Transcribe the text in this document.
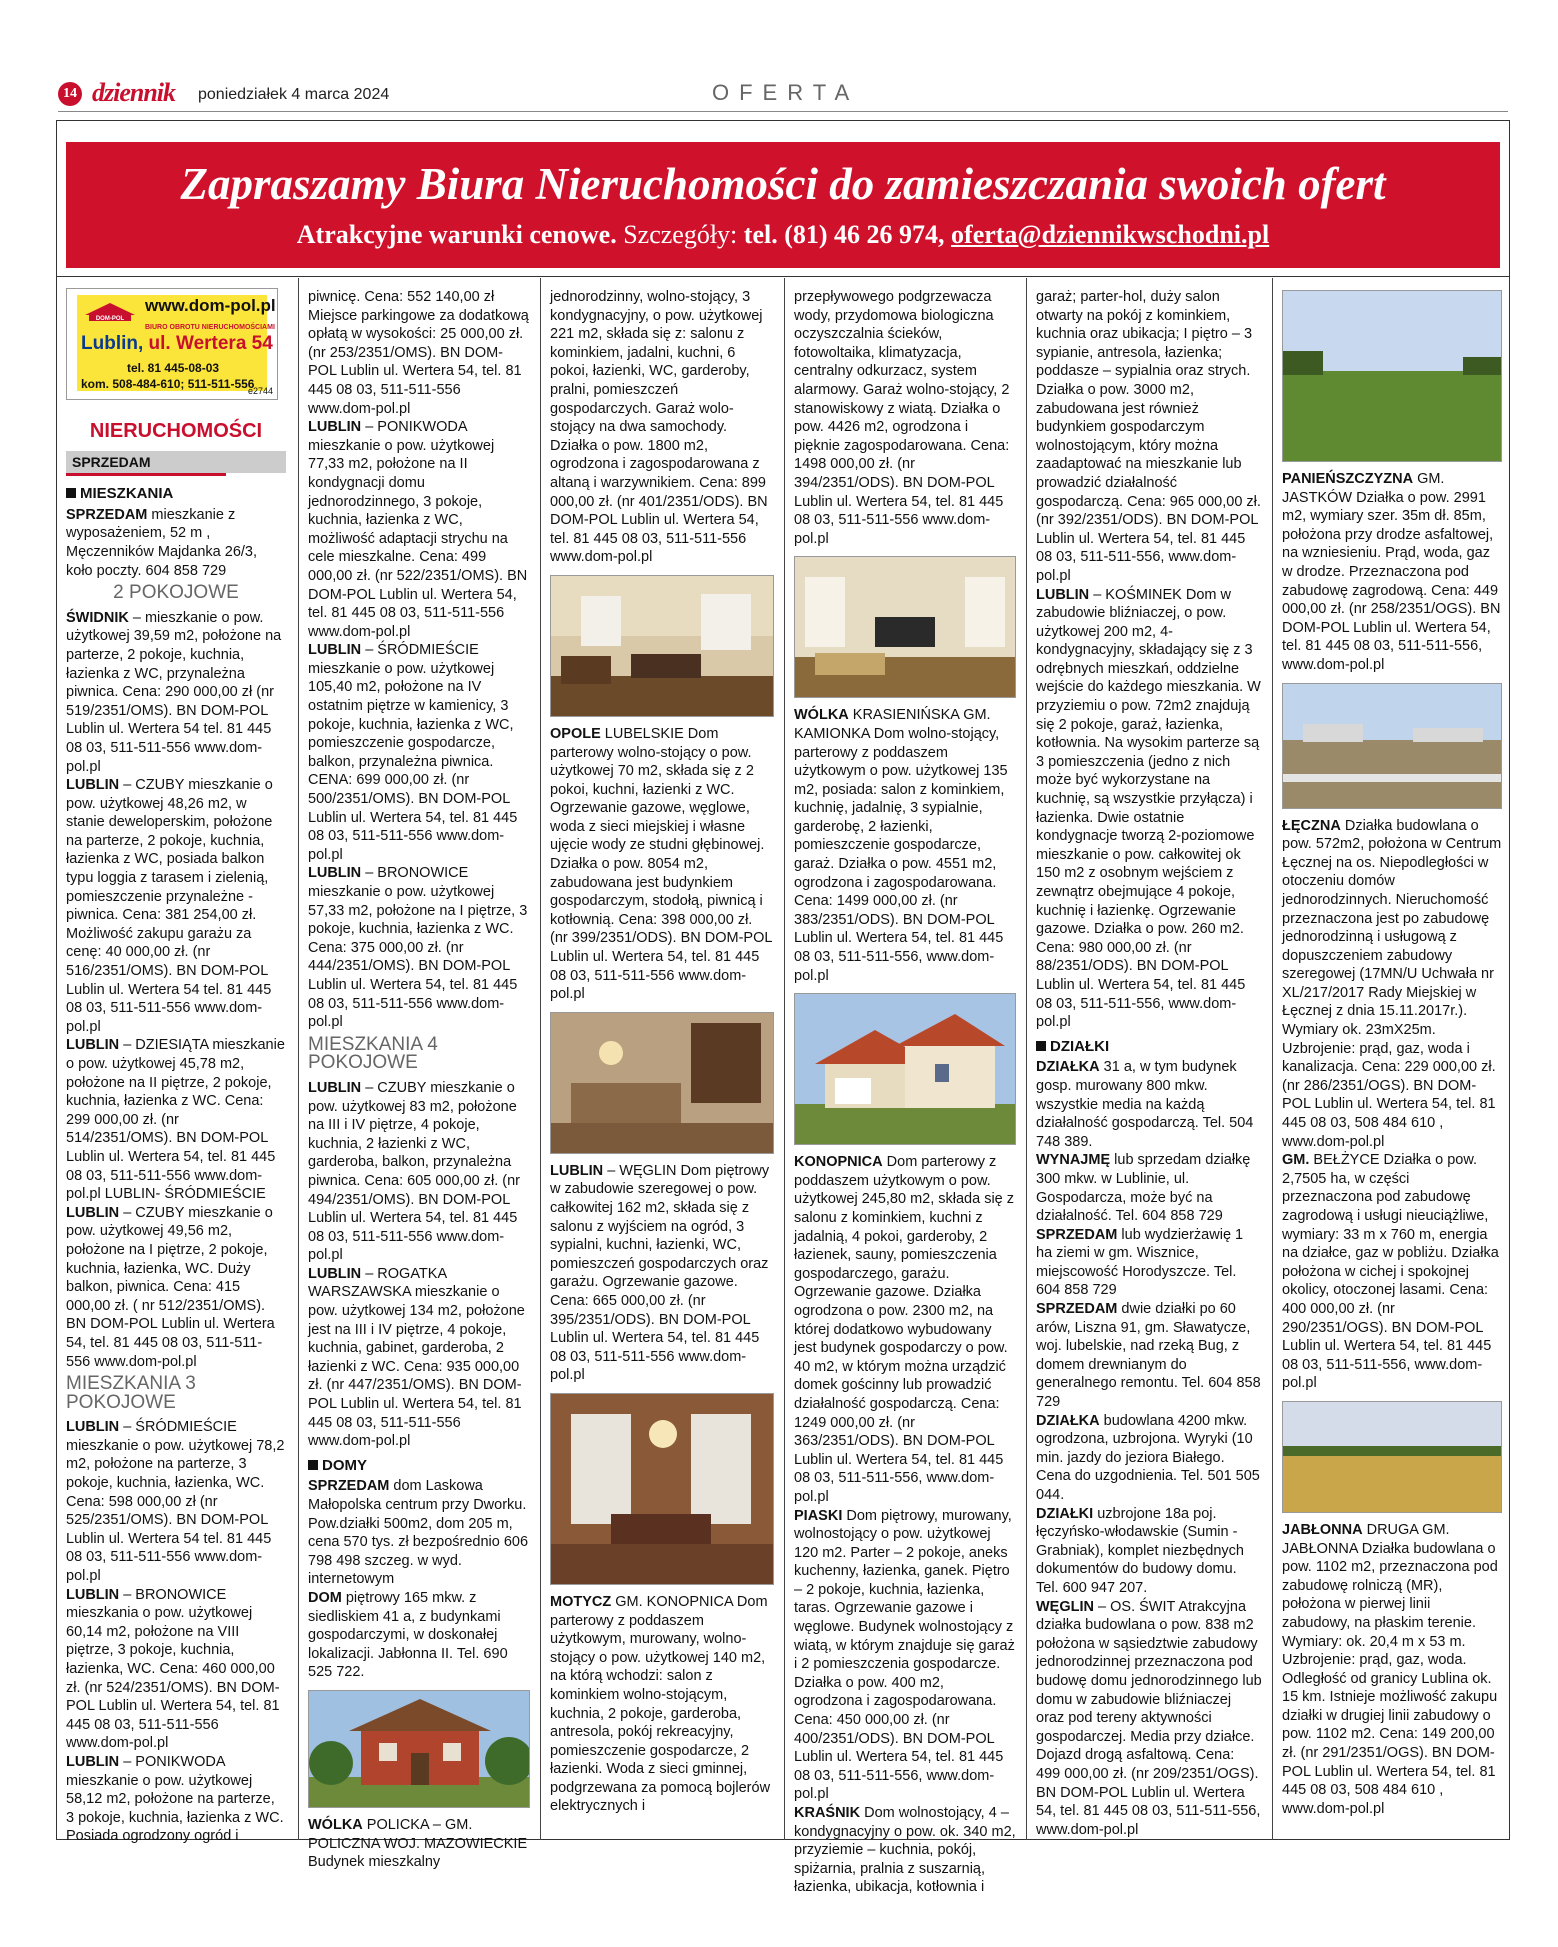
14 dziennik poniedziałek 4 marca 2024	OFERTA
Zapraszamy Biura Nieruchomości do zamieszczania swoich ofert
Atrakcyjne warunki cenowe. Szczegóły: tel. (81) 46 26 974, oferta@dziennikwschodni.pl
DOM-POL
www.dom-pol.pl
BIURO OBROTU NIERUCHOMOŚCIAMI
Lublin, ul. Wertera 54
tel. 81 445-08-03
kom. 508-484-610; 511-511-556
e2744
NIERUCHOMOŚCI
SPRZEDAM
MIESZKANIA

SPRZEDAM mieszkanie z wyposażeniem, 52 m , Męczenników Majdanka 26/3, koło poczty. 604 858 729

2 POKOJOWE

ŚWIDNIK – mieszkanie o pow. użytkowej 39,59 m2, położone na parterze, 2 pokoje, kuchnia, łazienka z WC, przynależna piwnica. Cena: 290 000,00 zł (nr 519/2351/OMS). BN DOM-POL Lublin ul. Wertera 54 tel. 81 445 08 03, 511-511-556 www.dom-pol.pl

LUBLIN – CZUBY mieszkanie o pow. użytkowej 48,26 m2, w stanie deweloperskim, położone na parterze, 2 pokoje, kuchnia, łazienka z WC, posiada balkon typu loggia z tarasem i zielenią, pomieszczenie przynależne - piwnica. Cena: 381 254,00 zł. Możliwość zakupu garażu za cenę: 40 000,00 zł. (nr 516/2351/OMS). BN DOM-POL Lublin ul. Wertera 54 tel. 81 445 08 03, 511-511-556 www.dom-pol.pl

LUBLIN – DZIESIĄTA mieszkanie o pow. użytkowej 45,78 m2, położone na II piętrze, 2 pokoje, kuchnia, łazienka z WC. Cena: 299 000,00 zł. (nr 514/2351/OMS). BN DOM-POL Lublin ul. Wertera 54, tel. 81 445 08 03, 511-511-556 www.dom-pol.pl LUBLIN- ŚRÓDMIEŚCIE

LUBLIN – CZUBY mieszkanie o pow. użytkowej 49,56 m2, położone na I piętrze, 2 pokoje, kuchnia, łazienka, WC. Duży balkon, piwnica. Cena: 415 000,00 zł. ( nr 512/2351/OMS). BN DOM-POL Lublin ul. Wertera 54, tel. 81 445 08 03, 511-511-556 www.dom-pol.pl

MIESZKANIA 3 POKOJOWE

LUBLIN – ŚRÓDMIEŚCIE mieszkanie o pow. użytkowej 78,2 m2, położone na parterze, 3 pokoje, kuchnia, łazienka, WC. Cena: 598 000,00 zł (nr 525/2351/OMS). BN DOM-POL Lublin ul. Wertera 54 tel. 81 445 08 03, 511-511-556 www.dom-pol.pl

LUBLIN – BRONOWICE mieszkania o pow. użytkowej 60,14 m2, położone na VIII piętrze, 3 pokoje, kuchnia, łazienka, WC. Cena: 460 000,00 zł. (nr 524/2351/OMS). BN DOM-POL Lublin ul. Wertera 54, tel. 81 445 08 03, 511-511-556 www.dom-pol.pl

LUBLIN – PONIKWODA mieszkanie o pow. użytkowej 58,12 m2, położone na parterze, 3 pokoje, kuchnia, łazienka z WC. Posiada ogrodzony ogród i

piwnicę. Cena: 552 140,00 zł Miejsce parkingowe za dodatkową opłatą w wysokości: 25 000,00 zł. (nr 253/2351/OMS). BN DOM-POL Lublin ul. Wertera 54, tel. 81 445 08 03, 511-511-556 www.dom-pol.pl

LUBLIN – PONIKWODA mieszkanie o pow. użytkowej 77,33 m2, położone na II kondygnacji domu jednorodzinnego, 3 pokoje, kuchnia, łazienka z WC, możliwość adaptacji strychu na cele mieszkalne. Cena: 499 000,00 zł. (nr 522/2351/OMS). BN DOM-POL Lublin ul. Wertera 54, tel. 81 445 08 03, 511-511-556 www.dom-pol.pl

LUBLIN – ŚRÓDMIEŚCIE mieszkanie o pow. użytkowej 105,40 m2, położone na IV ostatnim piętrze w kamienicy, 3 pokoje, kuchnia, łazienka z WC, pomieszczenie gospodarcze, balkon, przynależna piwnica. CENA: 699 000,00 zł. (nr 500/2351/OMS). BN DOM-POL Lublin ul. Wertera 54, tel. 81 445 08 03, 511-511-556 www.dom-pol.pl

LUBLIN – BRONOWICE mieszkanie o pow. użytkowej 57,33 m2, położone na I piętrze, 3 pokoje, kuchnia, łazienka z WC. Cena: 375 000,00 zł. (nr 444/2351/OMS). BN DOM-POL Lublin ul. Wertera 54, tel. 81 445 08 03, 511-511-556 www.dom-pol.pl

MIESZKANIA 4 POKOJOWE

LUBLIN – CZUBY mieszkanie o pow. użytkowej 83 m2, położone na III i IV piętrze, 4 pokoje, kuchnia, 2 łazienki z WC, garderoba, balkon, przynależna piwnica. Cena: 605 000,00 zł. (nr 494/2351/OMS). BN DOM-POL Lublin ul. Wertera 54, tel. 81 445 08 03, 511-511-556 www.dom-pol.pl

LUBLIN – ROGATKA WARSZAWSKA mieszkanie o pow. użytkowej 134 m2, położone jest na III i IV piętrze, 4 pokoje, kuchnia, gabinet, garderoba, 2 łazienki z WC. Cena: 935 000,00 zł. (nr 447/2351/OMS). BN DOM-POL Lublin ul. Wertera 54, tel. 81 445 08 03, 511-511-556 www.dom-pol.pl

DOMY

SPRZEDAM dom Laskowa Małopolska centrum przy Dworku. Pow.działki 500m2, dom 205 m, cena 570 tys. zł bezpośrednio 606 798 498 szczeg. w wyd. internetowym

DOM piętrowy 165 mkw. z siedliskiem 41 a, z budynkami gospodarczymi, w doskonałej lokalizacji. Jabłonna II. Tel. 690 525 722.

WÓLKA POLICKA – GM. POLICZNA WOJ. MAZOWIECKIE Budynek mieszkalny

jednorodzinny, wolno-stojący, 3 kondygnacyjny, o pow. użytkowej 221 m2, składa się z: salonu z kominkiem, jadalni, kuchni, 6 pokoi, łazienki, WC, garderoby, pralni, pomieszczeń gospodarczych. Garaż wolo-stojący na dwa samochody. Działka o pow. 1800 m2, ogrodzona i zagospodarowana z altaną i warzywnikiem. Cena: 899 000,00 zł. (nr 401/2351/ODS). BN DOM-POL Lublin ul. Wertera 54, tel. 81 445 08 03, 511-511-556 www.dom-pol.pl

OPOLE LUBELSKIE Dom parterowy wolno-stojący o pow. użytkowej 70 m2, składa się z 2 pokoi, kuchni, łazienki z WC. Ogrzewanie gazowe, węglowe, woda z sieci miejskiej i własne ujęcie wody ze studni głębinowej. Działka o pow. 8054 m2, zabudowana jest budynkiem gospodarczym, stodołą, piwnicą i kotłownią. Cena: 398 000,00 zł. (nr 399/2351/ODS). BN DOM-POL Lublin ul. Wertera 54, tel. 81 445 08 03, 511-511-556 www.dom-pol.pl

LUBLIN – WĘGLIN Dom piętrowy w zabudowie szeregowej o pow. całkowitej 162 m2, składa się z salonu z wyjściem na ogród, 3 sypialni, kuchni, łazienki, WC, pomieszczeń gospodarczych oraz garażu. Ogrzewanie gazowe. Cena: 665 000,00 zł. (nr 395/2351/ODS). BN DOM-POL Lublin ul. Wertera 54, tel. 81 445 08 03, 511-511-556 www.dom-pol.pl

MOTYCZ GM. KONOPNICA Dom parterowy z poddaszem użytkowym, murowany, wolno-stojący o pow. użytkowej 140 m2, na którą wchodzi: salon z kominkiem wolno-stojącym, kuchnia, 2 pokoje, garderoba, antresola, pokój rekreacyjny, pomieszczenie gospodarcze, 2 łazienki. Woda z sieci gminnej, podgrzewana za pomocą bojlerów elektrycznych i

przepływowego podgrzewacza wody, przydomowa biologiczna oczyszczalnia ścieków, fotowoltaika, klimatyzacja, centralny odkurzacz, system alarmowy. Garaż wolno-stojący, 2 stanowiskowy z wiatą. Działka o pow. 4426 m2, ogrodzona i pięknie zagospodarowana. Cena: 1498 000,00 zł. (nr 394/2351/ODS). BN DOM-POL Lublin ul. Wertera 54, tel. 81 445 08 03, 511-511-556 www.dom-pol.pl

WÓLKA KRASIENIŃSKA GM. KAMIONKA Dom wolno-stojący, parterowy z poddaszem użytkowym o pow. użytkowej 135 m2, posiada: salon z kominkiem, kuchnię, jadalnię, 3 sypialnie, garderobę, 2 łazienki, pomieszczenie gospodarcze, garaż. Działka o pow. 4551 m2, ogrodzona i zagospodarowana. Cena: 1499 000,00 zł. (nr 383/2351/ODS). BN DOM-POL Lublin ul. Wertera 54, tel. 81 445 08 03, 511-511-556, www.dom-pol.pl

KONOPNICA Dom parterowy z poddaszem użytkowym o pow. użytkowej 245,80 m2, składa się z salonu z kominkiem, kuchni z jadalnią, 4 pokoi, garderoby, 2 łazienek, sauny, pomieszczenia gospodarczego, garażu. Ogrzewanie gazowe. Działka ogrodzona o pow. 2300 m2, na której dodatkowo wybudowany jest budynek gospodarczy o pow. 40 m2, w którym można urządzić domek gościnny lub prowadzić działalność gospodarczą. Cena: 1249 000,00 zł. (nr 363/2351/ODS). BN DOM-POL Lublin ul. Wertera 54, tel. 81 445 08 03, 511-511-556, www.dom-pol.pl

PIASKI Dom piętrowy, murowany, wolnostojący o pow. użytkowej 120 m2. Parter – 2 pokoje, aneks kuchenny, łazienka, ganek. Piętro – 2 pokoje, kuchnia, łazienka, taras. Ogrzewanie gazowe i węglowe. Budynek wolnostojący z wiatą, w którym znajduje się garaż i 2 pomieszczenia gospodarcze. Działka o pow. 400 m2, ogrodzona i zagospodarowana. Cena: 450 000,00 zł. (nr 400/2351/ODS). BN DOM-POL Lublin ul. Wertera 54, tel. 81 445 08 03, 511-511-556, www.dom-pol.pl

KRAŚNIK Dom wolnostojący, 4 – kondygnacyjny o pow. ok. 340 m2, przyziemie – kuchnia, pokój, spiżarnia, pralnia z suszarnią, łazienka, ubikacja, kotłownia i

garaż; parter-hol, duży salon otwarty na pokój z kominkiem, kuchnia oraz ubikacja; I piętro – 3 sypianie, antresola, łazienka; poddasze – sypialnia oraz strych. Działka o pow. 3000 m2, zabudowana jest również budynkiem gospodarczym wolnostojącym, który można zaadaptować na mieszkanie lub prowadzić działalność gospodarczą. Cena: 965 000,00 zł. (nr 392/2351/ODS). BN DOM-POL Lublin ul. Wertera 54, tel. 81 445 08 03, 511-511-556, www.dom-pol.pl

LUBLIN – KOŚMINEK Dom w zabudowie bliźniaczej, o pow. użytkowej 200 m2, 4-kondygnacyjny, składający się z 3 odrębnych mieszkań, oddzielne wejście do każdego mieszkania. W przyziemiu o pow. 72m2 znajdują się 2 pokoje, garaż, łazienka, kotłownia. Na wysokim parterze są 3 pomieszczenia (jedno z nich może być wykorzystane na kuchnię, są wszystkie przyłącza) i łazienka. Dwie ostatnie kondygnacje tworzą 2-poziomowe mieszkanie o pow. całkowitej ok 150 m2 z osobnym wejściem z zewnątrz obejmujące 4 pokoje, kuchnię i łazienkę. Ogrzewanie gazowe. Działka o pow. 260 m2. Cena: 980 000,00 zł. (nr 88/2351/ODS). BN DOM-POL Lublin ul. Wertera 54, tel. 81 445 08 03, 511-511-556, www.dom-pol.pl

DZIAŁKI

DZIAŁKA 31 a, w tym budynek gosp. murowany 800 mkw. wszystkie media na każdą działalność gospodarczą. Tel. 504 748 389.

WYNAJMĘ lub sprzedam działkę 300 mkw. w Lublinie, ul. Gospodarcza, może być na działalność. Tel. 604 858 729

SPRZEDAM lub wydzierżawię 1 ha ziemi w gm. Wisznice, miejscowość Horodyszcze. Tel. 604 858 729

SPRZEDAM dwie działki po 60 arów, Liszna 91, gm. Sławatycze, woj. lubelskie, nad rzeką Bug, z domem drewnianym do generalnego remontu. Tel. 604 858 729

DZIAŁKA budowlana 4200 mkw. ogrodzona, uzbrojona. Wyryki (10 min. jazdy do jeziora Białego. Cena do uzgodnienia. Tel. 501 505 044.

DZIAŁKI uzbrojone 18a poj. łęczyńsko-włodawskie (Sumin - Grabniak), komplet niezbędnych dokumentów do budowy domu. Tel. 600 947 207.

WĘGLIN – OS. ŚWIT Atrakcyjna działka budowlana o pow. 838 m2 położona w sąsiedztwie zabudowy jednorodzinnej przeznaczona pod budowę domu jednorodzinnego lub domu w zabudowie bliźniaczej oraz pod tereny aktywności gospodarczej. Media przy działce. Dojazd drogą asfaltową. Cena: 499 000,00 zł. (nr 209/2351/OGS). BN DOM-POL Lublin ul. Wertera 54, tel. 81 445 08 03, 511-511-556, www.dom-pol.pl

PANIEŃSZCZYZNA GM. JASTKÓW Działka o pow. 2991 m2, wymiary szer. 35m dł. 85m, położona przy drodze asfaltowej, na wzniesieniu. Prąd, woda, gaz w drodze. Przeznaczona pod zabudowę zagrodową. Cena: 449 000,00 zł. (nr 258/2351/OGS). BN DOM-POL Lublin ul. Wertera 54, tel. 81 445 08 03, 511-511-556, www.dom-pol.pl

ŁĘCZNA Działka budowlana o pow. 572m2, położona w Centrum Łęcznej na os. Niepodległości w otoczeniu domów jednorodzinnych. Nieruchomość przeznaczona jest po zabudowę jednorodzinną i usługową z dopuszczeniem zabudowy szeregowej (17MN/U Uchwała nr XL/217/2017 Rady Miejskiej w Łęcznej z dnia 15.11.2017r.). Wymiary ok. 23mX25m. Uzbrojenie: prąd, gaz, woda i kanalizacja. Cena: 229 000,00 zł. (nr 286/2351/OGS). BN DOM-POL Lublin ul. Wertera 54, tel. 81 445 08 03, 508 484 610 , www.dom-pol.pl

GM. BEŁŻYCE Działka o pow. 2,7505 ha, w części przeznaczona pod zabudowę zagrodową i usługi nieuciążliwe, wymiary: 33 m x 760 m, energia na działce, gaz w pobliżu. Działka położona w cichej i spokojnej okolicy, otoczonej lasami. Cena: 400 000,00 zł. (nr 290/2351/OGS). BN DOM-POL Lublin ul. Wertera 54, tel. 81 445 08 03, 511-511-556, www.dom-pol.pl

JABŁONNA DRUGA GM. JABŁONNA Działka budowlana o pow. 1102 m2, przeznaczona pod zabudowę rolniczą (MR), położona w pierwej linii zabudowy, na płaskim terenie. Wymiary: ok. 20,4 m x 53 m. Uzbrojenie: prąd, gaz, woda. Odległość od granicy Lublina ok. 15 km. Istnieje możliwość zakupu działki w drugiej linii zabudowy o pow. 1102 m2. Cena: 149 200,00 zł. (nr 291/2351/OGS). BN DOM-POL Lublin ul. Wertera 54, tel. 81 445 08 03, 508 484 610 , www.dom-pol.pl
